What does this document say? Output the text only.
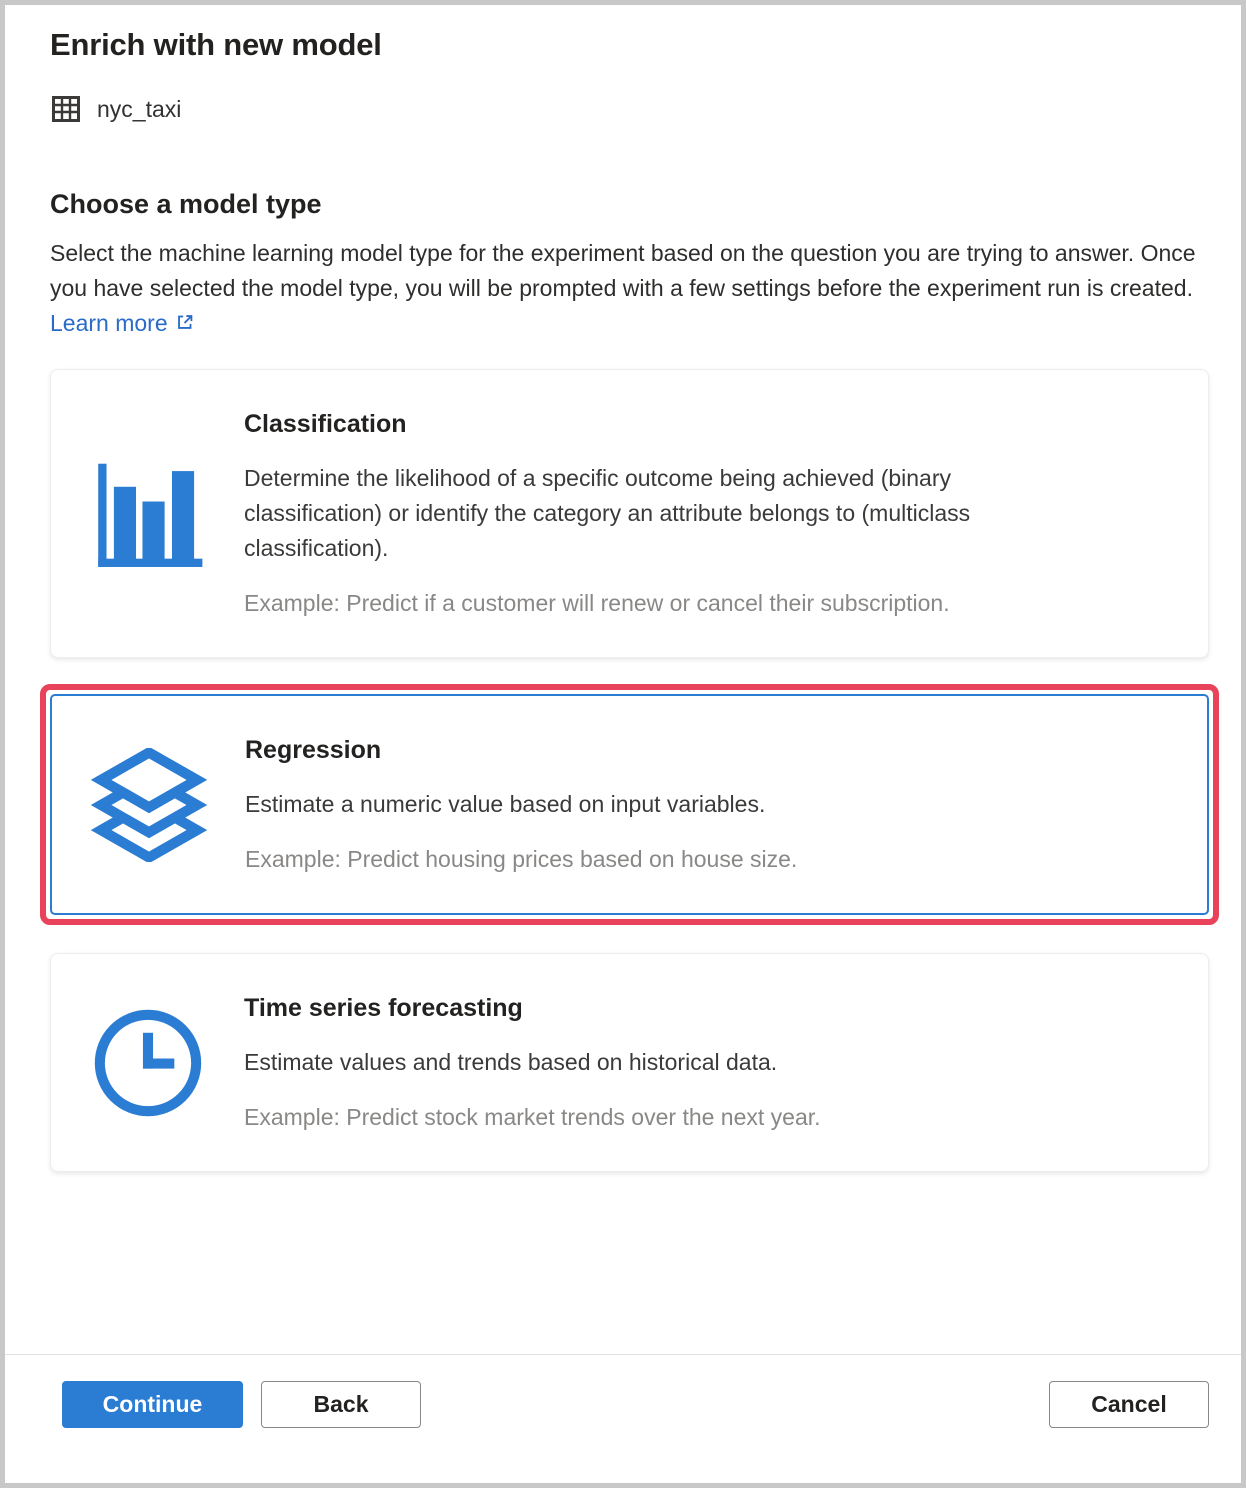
Enrich with new model
nyc_taxi
Choose a model type

Select the machine learning model type for the experiment based on the question you are trying to answer. Once you have selected the model type, you will be prompted with a few settings before the experiment run is created. Learn more

Classification
Determine the likelihood of a specific outcome being achieved (binary classification) or identify the category an attribute belongs to (multiclass classification).
Example: Predict if a customer will renew or cancel their subscription.
Regression
Estimate a numeric value based on input variables.
Example: Predict housing prices based on house size.
Time series forecasting
Estimate values and trends based on historical data.
Example: Predict stock market trends over the next year.
Continue	Back	Cancel
